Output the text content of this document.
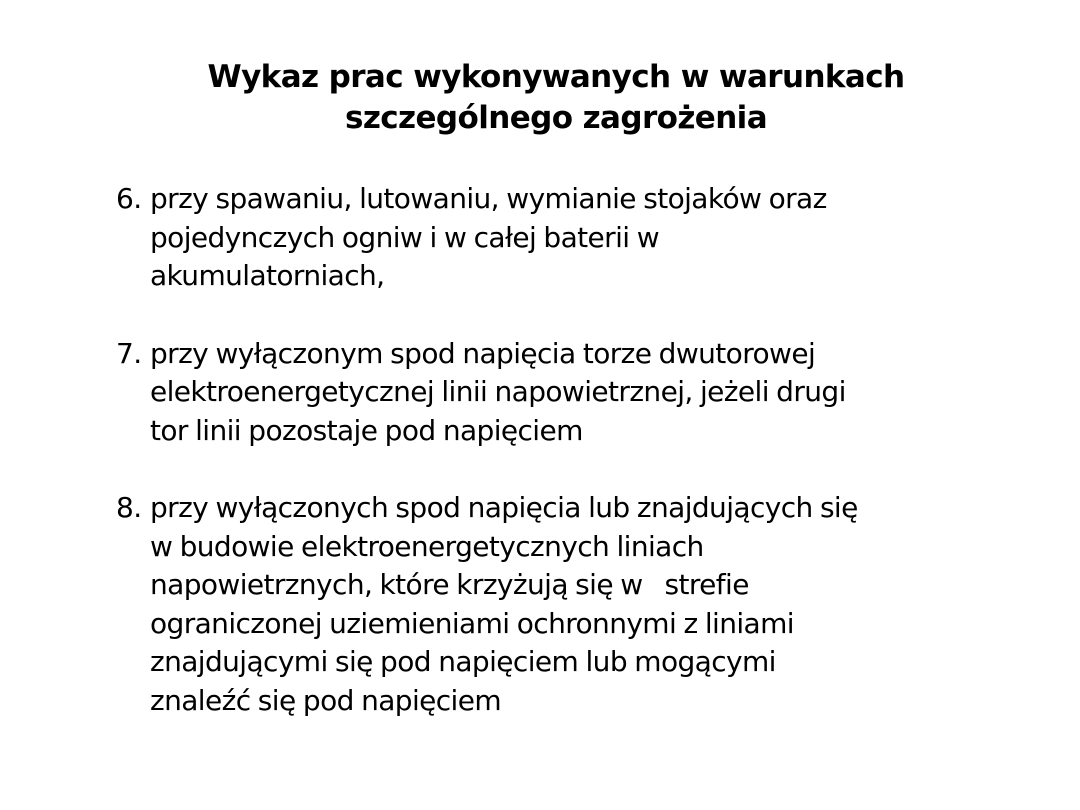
Wykaz prac wykonywanych w warunkach
szczególnego zagrożenia
6. przy spawaniu, lutowaniu, wymianie stojaków oraz
pojedynczych ogniw i w całej baterii w
akumulatorniach,
7. przy wyłączonym spod napięcia torze dwutorowej
elektroenergetycznej linii napowietrznej, jeżeli drugi
tor linii pozostaje pod napięciem
8. przy wyłączonych spod napięcia lub znajdujących się
w budowie elektroenergetycznych liniach
napowietrznych, które krzyżują się w   strefie
ograniczonej uziemieniami ochronnymi z liniami
znajdującymi się pod napięciem lub mogącymi
znaleźć się pod napięciem
